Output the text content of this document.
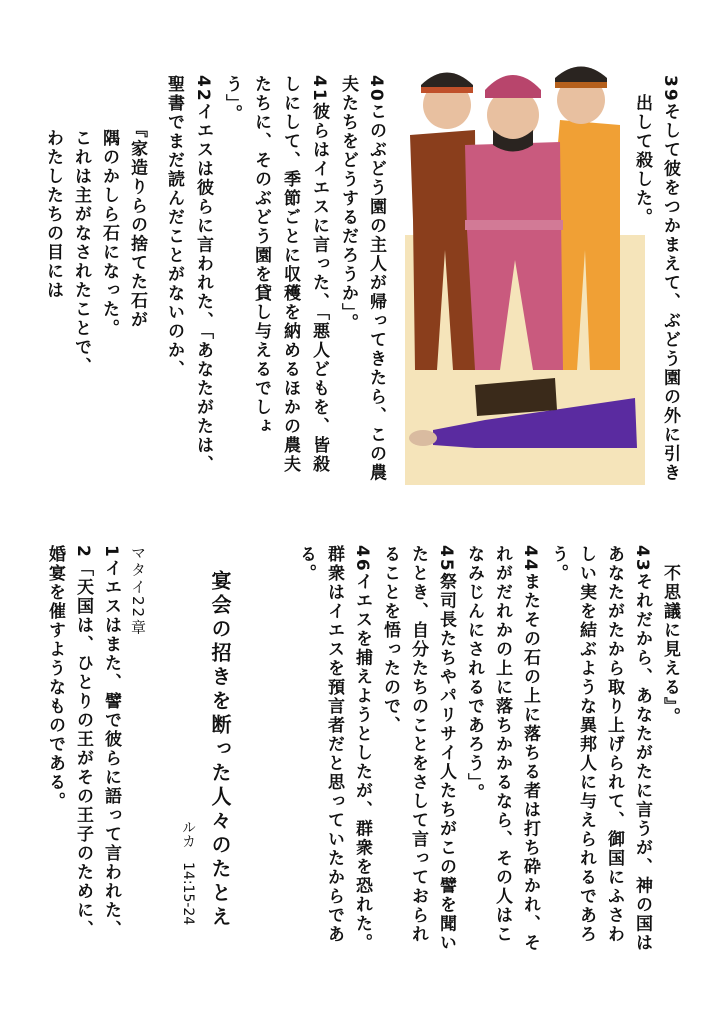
39そして彼をつかまえて、ぶどう園の外に引き
　出して殺した。
40このぶどう園の主人が帰ってきたら、この農
夫たちをどうするだろうか」。
41彼らはイエスに言った、「悪人どもを、皆殺
しにして、季節ごとに収穫を納めるほかの農夫
たちに、そのぶどう園を貸し与えるでしょ
う」。
42イエスは彼らに言われた、「あなたがたは、
聖書でまだ読んだことがないのか、
　『家造りらの捨てた石が
　隅のかしら石になった。
　これは主がなされたことで、
　わたしたちの目には
　不思議に見える』。
43それだから、あなたがたに言うが、神の国は
あなたがたから取り上げられて、御国にふさわ
しい実を結ぶような異邦人に与えられるであろ
う。
44またその石の上に落ちる者は打ち砕かれ、そ
れがだれかの上に落ちかかるなら、その人はこ
なみじんにされるであろう」。
45祭司長たちやパリサイ人たちがこの譬を聞い
たとき、自分たちのことをさして言っておられ
ることを悟ったので、
46イエスを捕えようとしたが、群衆を恐れた。
群衆はイエスを預言者だと思っていたからであ
る。
宴会の招きを断った人々のたとえ
ルカ　14:15-24
マタイ22章
1イエスはまた、譬で彼らに語って言われた、
2「天国は、ひとりの王がその王子のために、
婚宴を催すようなものである。
